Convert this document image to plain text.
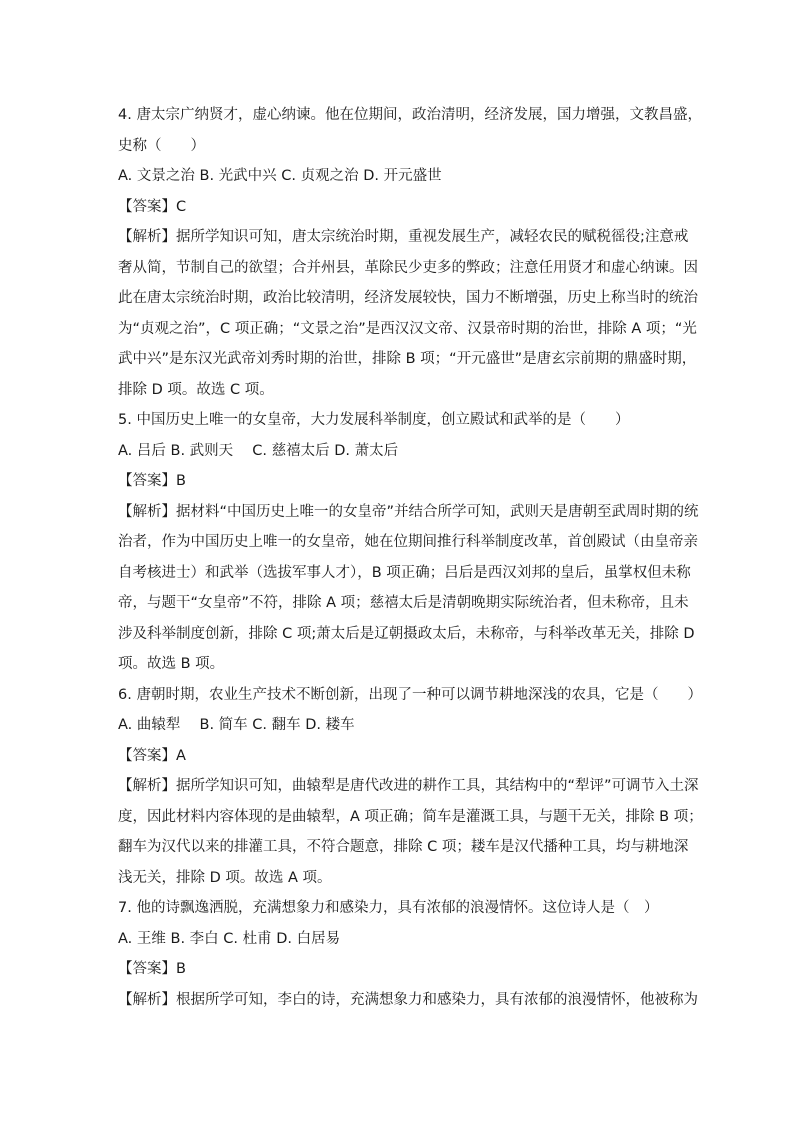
4. 唐太宗广纳贤才，虚心纳谏。他在位期间，政治清明，经济发展，国力增强，文教昌盛，

史称（　　）

A. 文景之治 B. 光武中兴 C. 贞观之治 D. 开元盛世

【答案】C

【解析】据所学知识可知，唐太宗统治时期，重视发展生产，减轻农民的赋税徭役;注意戒

奢从简，节制自己的欲望；合并州县，革除民少吏多的弊政；注意任用贤才和虚心纳谏。因

此在唐太宗统治时期，政治比较清明，经济发展较快，国力不断增强，历史上称当时的统治

为“贞观之治”，C 项正确；“文景之治”是西汉汉文帝、汉景帝时期的治世，排除 A 项；“光

武中兴”是东汉光武帝刘秀时期的治世，排除 B 项；“开元盛世”是唐玄宗前期的鼎盛时期，

排除 D 项。故选 C 项。

5. 中国历史上唯一的女皇帝，大力发展科举制度，创立殿试和武举的是（　　）

A. 吕后 B. 武则天　 C. 慈禧太后 D. 萧太后

【答案】B

【解析】据材料“中国历史上唯一的女皇帝”并结合所学可知，武则天是唐朝至武周时期的统

治者，作为中国历史上唯一的女皇帝，她在位期间推行科举制度改革，首创殿试（由皇帝亲

自考核进士）和武举（选拔军事人才），B 项正确；吕后是西汉刘邦的皇后，虽掌权但未称

帝，与题干“女皇帝”不符，排除 A 项；慈禧太后是清朝晚期实际统治者，但未称帝，且未

涉及科举制度创新，排除 C 项;萧太后是辽朝摄政太后，未称帝，与科举改革无关，排除 D

项。故选 B 项。

6. 唐朝时期，农业生产技术不断创新，出现了一种可以调节耕地深浅的农具，它是（　　）

A. 曲辕犁　 B. 简车 C. 翻车 D. 耧车

【答案】A

【解析】据所学知识可知，曲辕犁是唐代改进的耕作工具，其结构中的“犁评”可调节入土深

度，因此材料内容体现的是曲辕犁，A 项正确；简车是灌溉工具，与题干无关，排除 B 项；

翻车为汉代以来的排灌工具，不符合题意，排除 C 项；耧车是汉代播种工具，均与耕地深

浅无关，排除 D 项。故选 A 项。

7. 他的诗飘逸洒脱，充满想象力和感染力，具有浓郁的浪漫情怀。这位诗人是（　）

A. 王维 B. 李白 C. 杜甫 D. 白居易

【答案】B

【解析】根据所学可知，李白的诗，充满想象力和感染力，具有浓郁的浪漫情怀，他被称为
